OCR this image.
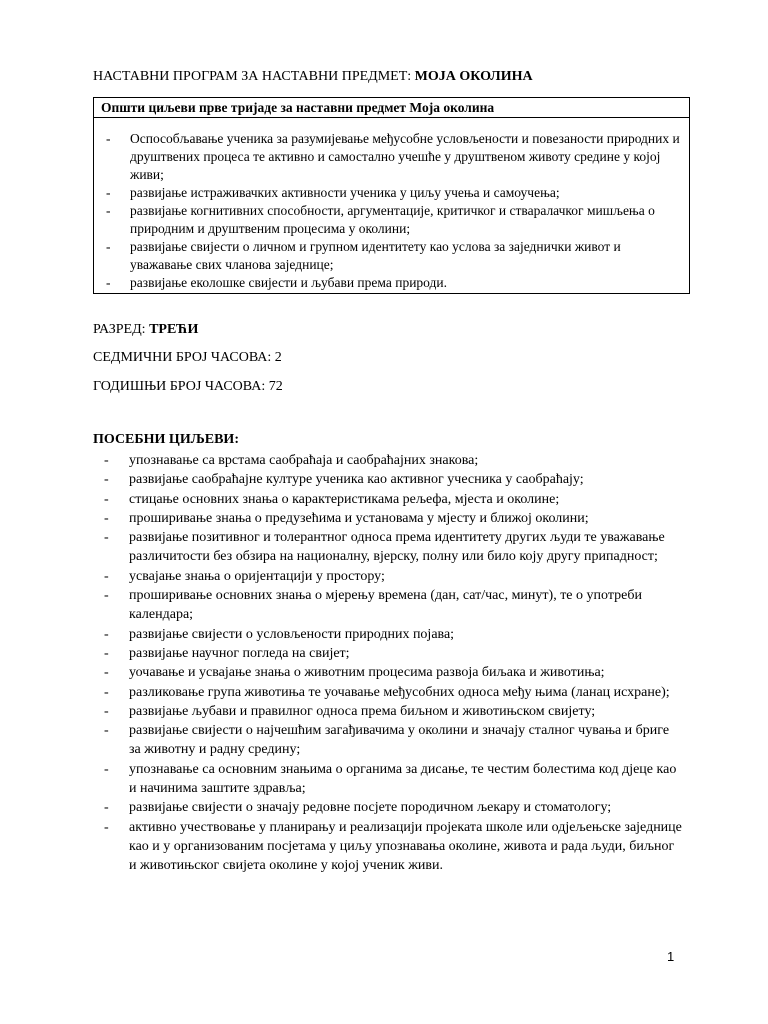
НАСТАВНИ ПРОГРАМ ЗА НАСТАВНИ ПРЕДМЕТ: МОЈА ОКОЛИНА
Општи циљеви прве тријаде за наставни предмет Моја околина
- Оспособљавање ученика за разумијевање међусобне условљености и повезаности природних и друштвених процеса те активно и самостално учешће у друштвеном животу средине у којој живи;
- развијање истраживачких активности ученика у циљу учења и самоучења;
- развијање когнитивних способности, аргументације, критичког и стваралачког мишљења о природним и друштвеним процесима у околини;
- развијање свијести о личном и групном идентитету као услова за заједнички живот и уважавање свих чланова заједнице;
- развијање еколошке свијести и љубави према природи.
РАЗРЕД: ТРЕЋИ
СЕДМИЧНИ БРОЈ ЧАСОВА: 2
ГОДИШЊИ БРОЈ ЧАСОВА: 72
ПОСЕБНИ ЦИЉЕВИ:
- упознавање са врстама саобраћаја и саобраћајних знакова;
- развијање саобраћајне културе ученика као активног учесника у саобраћају;
- стицање основних знања о карактеристикама рељефа, мјеста и околине;
- проширивање знања о предузећима и установама у мјесту и ближој околини;
- развијање позитивног и толерантног односа према идентитету других људи те уважавање различитости без обзира на националну, вјерску, полну или било коју другу припадност;
- усвајање знања о оријентацији у простору;
- проширивање основних знања о мјерењу времена (дан, сат/час, минут), те о употреби календара;
- развијање свијести о условљености природних појава;
- развијање научног погледа на свијет;
- уочавање и усвајање знања о животним процесима развоја биљака и животиња;
- разликовање група животиња те уочавање међусобних односа међу њима (ланац исхране);
- развијање љубави и правилног односа према биљном и животињском свијету;
- развијање свијести о најчешћим загађивачима у околини и значају сталног чувања и бриге за животну и радну средину;
- упознавање са основним знањима о органима за дисање, те честим болестима код дјеце као и начинима заштите здравља;
- развијање свијести о значају редовне посјете породичном љекару и стоматологу;
- активно учествовање у планирању и реализацији пројеката школе или одјељењске заједнице као и у организованим посјетама у циљу упознавања околине, живота и рада људи, биљног и животињског свијета околине у којој ученик живи.
1
